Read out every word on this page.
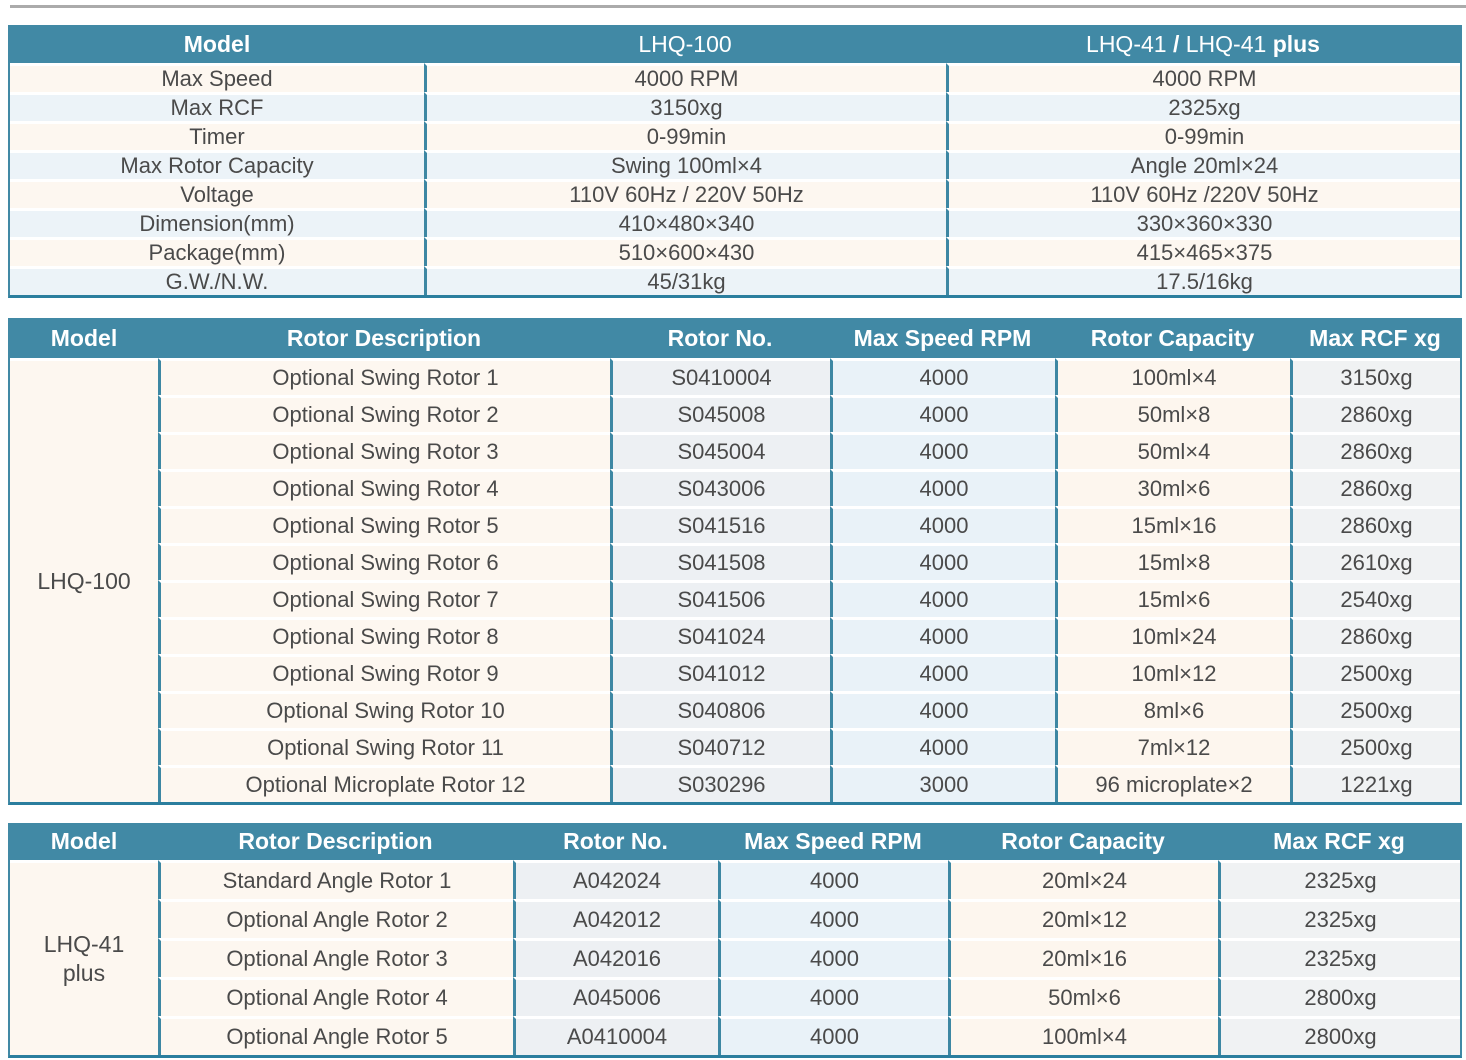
Model	LHQ-100	LHQ-41 / LHQ-41 plus
Max Speed	4000 RPM	4000 RPM
Max RCF	3150xg	2325xg
Timer	0-99min	0-99min
Max Rotor Capacity	Swing 100ml×4	Angle 20ml×24
Voltage	110V 60Hz / 220V 50Hz	110V 60Hz /220V 50Hz
Dimension(mm)	410×480×340	330×360×330
Package(mm)	510×600×430	415×465×375
G.W./N.W.	45/31kg	17.5/16kg
Model	Rotor Description	Rotor No.	Max Speed RPM	Rotor Capacity	Max RCF xg
LHQ-100	Optional Swing Rotor 1	S0410004	4000	100ml×4	3150xg
	Optional Swing Rotor 2	S045008	4000	50ml×8	2860xg
	Optional Swing Rotor 3	S045004	4000	50ml×4	2860xg
	Optional Swing Rotor 4	S043006	4000	30ml×6	2860xg
	Optional Swing Rotor 5	S041516	4000	15ml×16	2860xg
	Optional Swing Rotor 6	S041508	4000	15ml×8	2610xg
	Optional Swing Rotor 7	S041506	4000	15ml×6	2540xg
	Optional Swing Rotor 8	S041024	4000	10ml×24	2860xg
	Optional Swing Rotor 9	S041012	4000	10ml×12	2500xg
	Optional Swing Rotor 10	S040806	4000	8ml×6	2500xg
	Optional Swing Rotor 11	S040712	4000	7ml×12	2500xg
	Optional Microplate Rotor 12	S030296	3000	96 microplate×2	1221xg
Model	Rotor Description	Rotor No.	Max Speed RPM	Rotor Capacity	Max RCF xg
LHQ-41
plus	Standard Angle Rotor 1	A042024	4000	20ml×24	2325xg
	Optional Angle Rotor 2	A042012	4000	20ml×12	2325xg
	Optional Angle Rotor 3	A042016	4000	20ml×16	2325xg
	Optional Angle Rotor 4	A045006	4000	50ml×6	2800xg
	Optional Angle Rotor 5	A0410004	4000	100ml×4	2800xg
